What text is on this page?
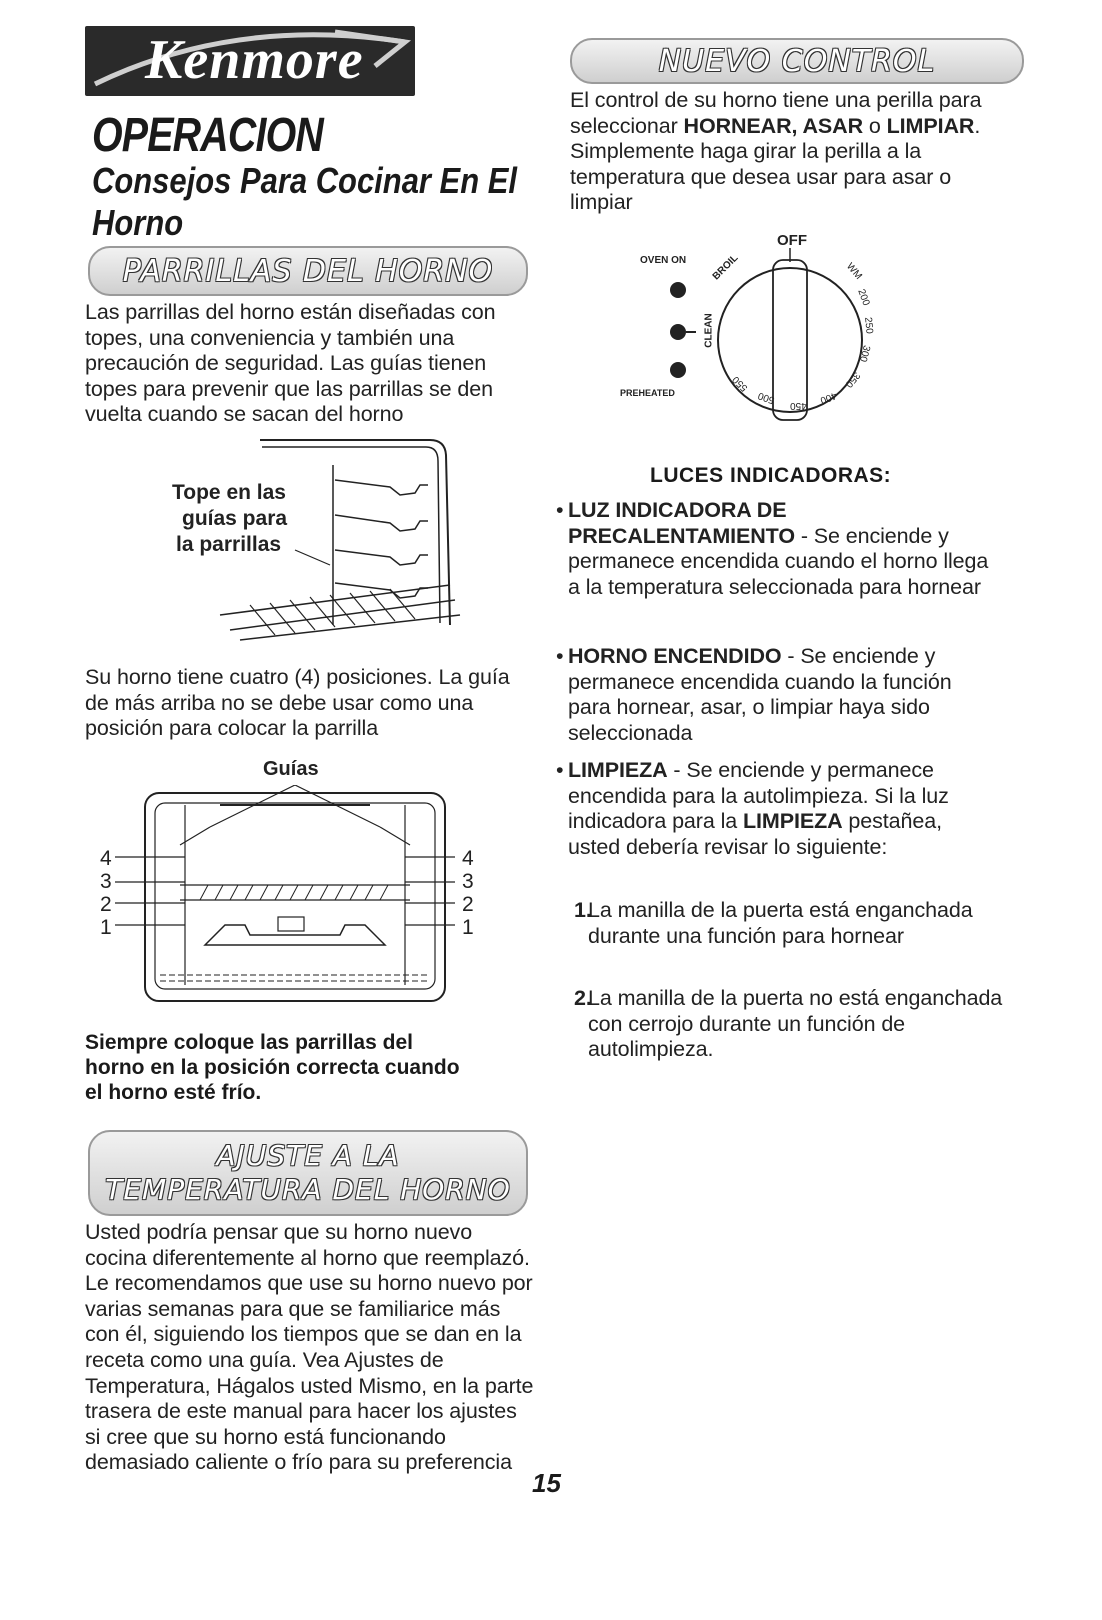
Kenmore
OPERACION
Consejos Para Cocinar En El Horno
PARRILLAS DEL HORNO
Las parrillas del horno están diseñadas con topes, una conveniencia y también una precaución de seguridad. Las guías tienen topes para prevenir que las parrillas se den vuelta cuando se sacan del horno
Tope en las
guías para
la parrillas
Su horno tiene cuatro (4) posiciones. La guía de más arriba no se debe usar como una posición para colocar la parrilla
Guías
4
3
2
1
4
3
2
1
Siempre coloque las parrillas del horno en la posición correcta cuando el horno esté frío.
AJUSTE A LA
TEMPERATURA DEL HORNO
Usted podría pensar que su horno nuevo cocina diferentemente al horno que reemplazó. Le recomendamos que use su horno nuevo por varias semanas para que se familiarice más con él, siguiendo los tiempos que se dan en la receta como una guía. Vea Ajustes de Temperatura, Hágalos usted Mismo, en la parte trasera de este manual para hacer los ajustes si cree que su horno está funcionando demasiado caliente o frío para su preferencia
NUEVO CONTROL
El control de su horno tiene una perilla para seleccionar HORNEAR, ASAR o LIMPIAR. Simplemente haga girar la perilla a la temperatura que desea usar para asar o limpiar
OVEN ON
OFF
BROIL
CLEAN
PREHEATED
WM
200
250
300
350
400
450
500
550
LUCES INDICADORAS:
• LUZ INDICADORA DE PRECALENTAMIENTO - Se enciende y permanece encendida cuando el horno llega a la temperatura seleccionada para hornear
• HORNO ENCENDIDO - Se enciende y permanece encendida cuando la función para hornear, asar, o limpiar haya sido seleccionada
• LIMPIEZA - Se enciende y permanece encendida para la autolimpieza. Si la luz indicadora para la LIMPIEZA pestañea, usted debería revisar lo siguiente:
1.
La manilla de la puerta está enganchada durante una función para hornear
2.
La manilla de la puerta no está enganchada con cerrojo durante un función de autolimpieza.
15
